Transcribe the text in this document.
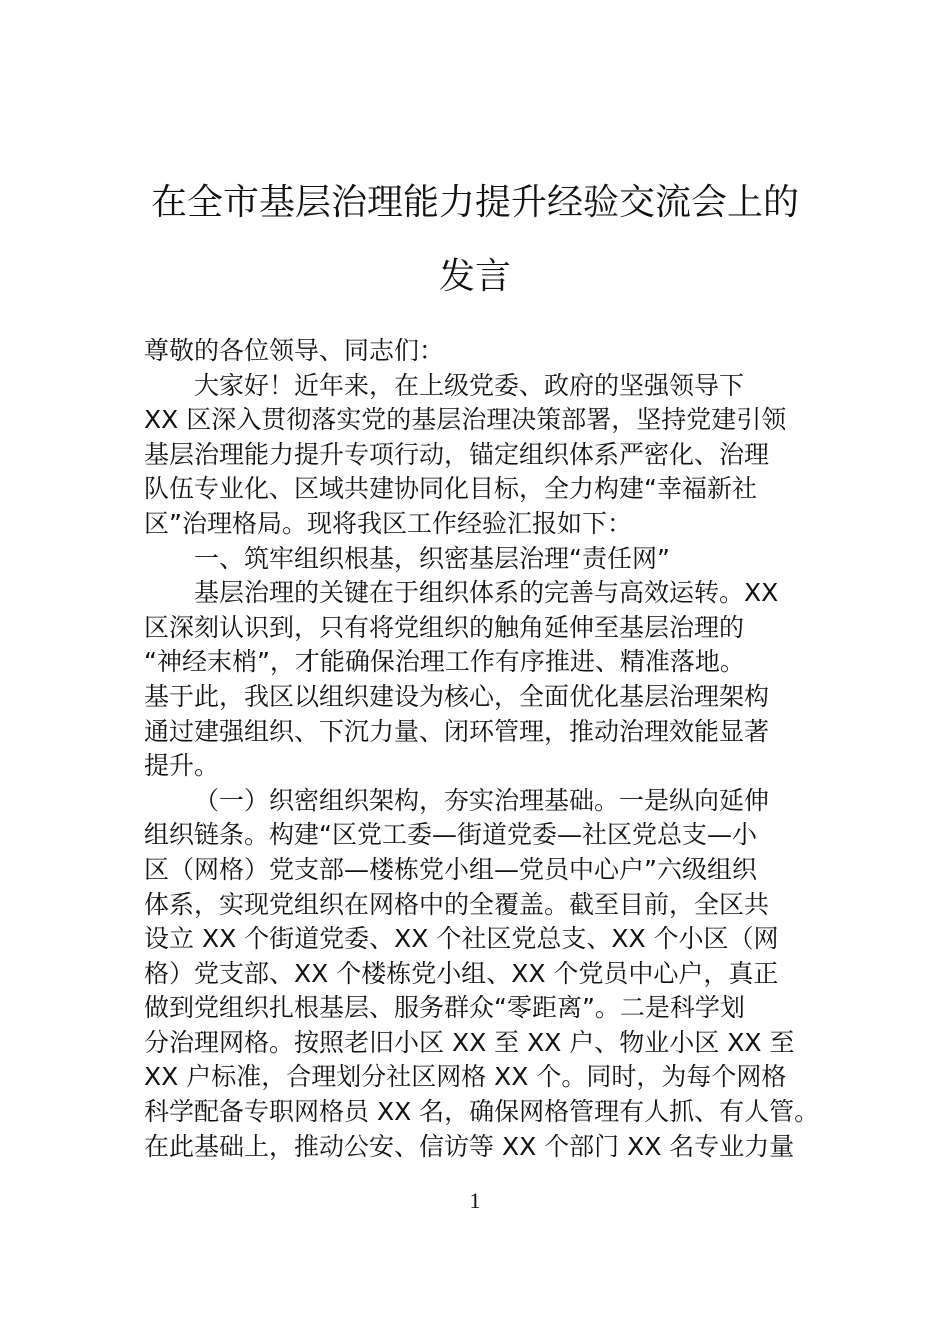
在全市基层治理能力提升经验交流会上的
发言
尊敬的各位领导、同志们：
大家好！近年来，在上级党委、政府的坚强领导下
XX 区深入贯彻落实党的基层治理决策部署，坚持党建引领
基层治理能力提升专项行动，锚定组织体系严密化、治理
队伍专业化、区域共建协同化目标，全力构建“幸福新社
区”治理格局。现将我区工作经验汇报如下：
一、筑牢组织根基，织密基层治理“责任网”
基层治理的关键在于组织体系的完善与高效运转。XX
区深刻认识到，只有将党组织的触角延伸至基层治理的
“神经末梢”，才能确保治理工作有序推进、精准落地。
基于此，我区以组织建设为核心，全面优化基层治理架构
通过建强组织、下沉力量、闭环管理，推动治理效能显著
提升。
（一）织密组织架构，夯实治理基础。一是纵向延伸
组织链条。构建“区党工委—街道党委—社区党总支—小
区（网格）党支部—楼栋党小组—党员中心户”六级组织
体系，实现党组织在网格中的全覆盖。截至目前，全区共
设立 XX 个街道党委、XX 个社区党总支、XX 个小区（网
格）党支部、XX 个楼栋党小组、XX 个党员中心户，真正
做到党组织扎根基层、服务群众“零距离”。二是科学划
分治理网格。按照老旧小区 XX 至 XX 户、物业小区 XX 至
XX 户标准，合理划分社区网格 XX 个。同时，为每个网格
科学配备专职网格员 XX 名，确保网格管理有人抓、有人管。
在此基础上，推动公安、信访等 XX 个部门 XX 名专业力量
1
